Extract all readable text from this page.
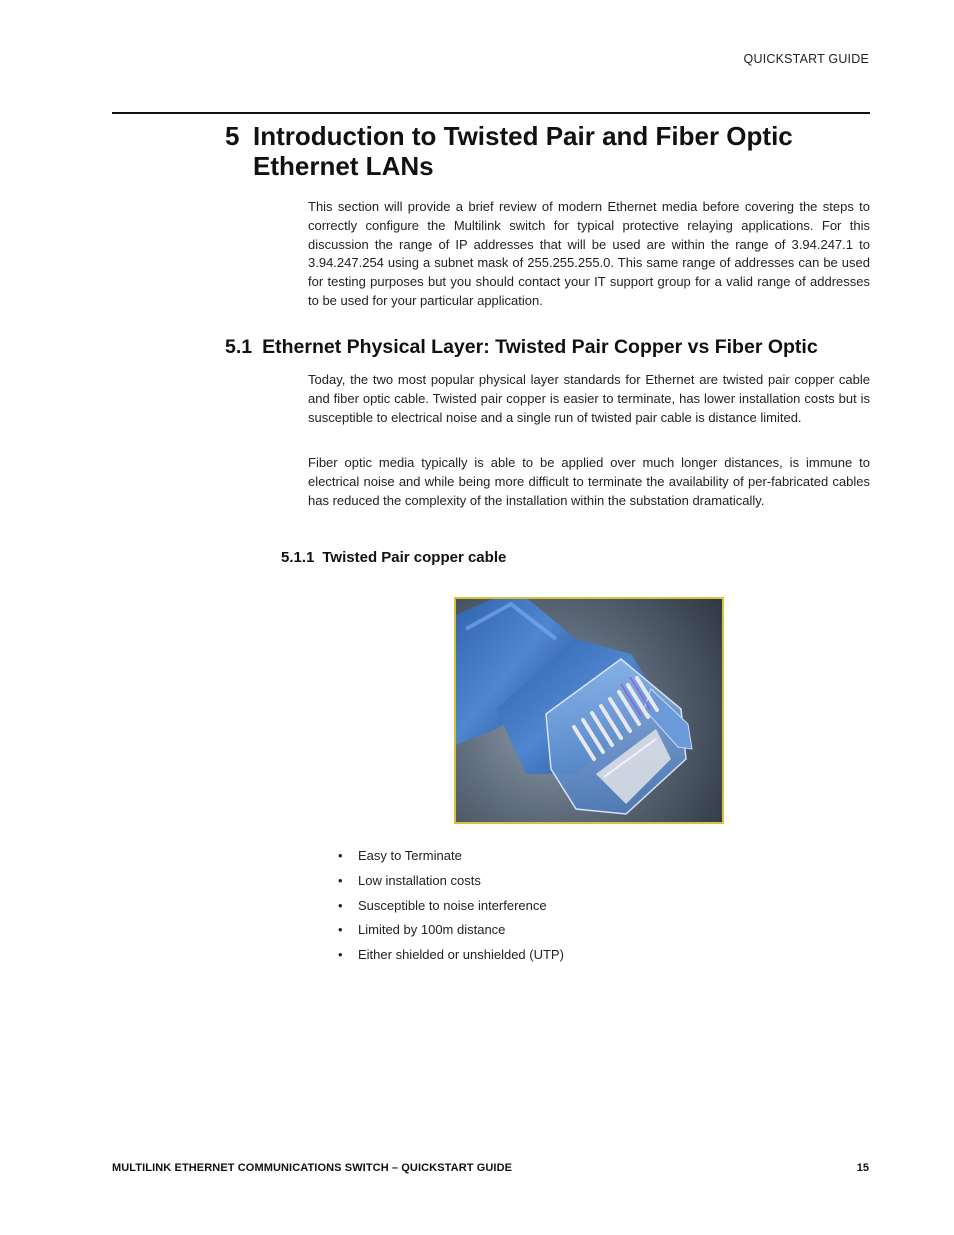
QUICKSTART GUIDE
5 Introduction to Twisted Pair and Fiber Optic Ethernet LANs

This section will provide a brief review of modern Ethernet media before covering the steps to correctly configure the Multilink switch for typical protective relaying applications. For this discussion the range of IP addresses that will be used are within the range of 3.94.247.1 to 3.94.247.254 using a subnet mask of 255.255.255.0. This same range of addresses can be used for testing purposes but you should contact your IT support group for a valid range of addresses to be used for your particular application.

5.1 Ethernet Physical Layer: Twisted Pair Copper vs Fiber Optic

Today, the two most popular physical layer standards for Ethernet are twisted pair copper cable and fiber optic cable. Twisted pair copper is easier to terminate, has lower installation costs but is susceptible to electrical noise and a single run of twisted pair cable is distance limited.

Fiber optic media typically is able to be applied over much longer distances, is immune to electrical noise and while being more difficult to terminate the availability of per-fabricated cables has reduced the complexity of the installation within the substation dramatically.

5.1.1 Twisted Pair copper cable
• Easy to Terminate
• Low installation costs
• Susceptible to noise interference
• Limited by 100m distance
• Either shielded or unshielded (UTP)
MULTILINK ETHERNET COMMUNICATIONS SWITCH – QUICKSTART GUIDE	15
